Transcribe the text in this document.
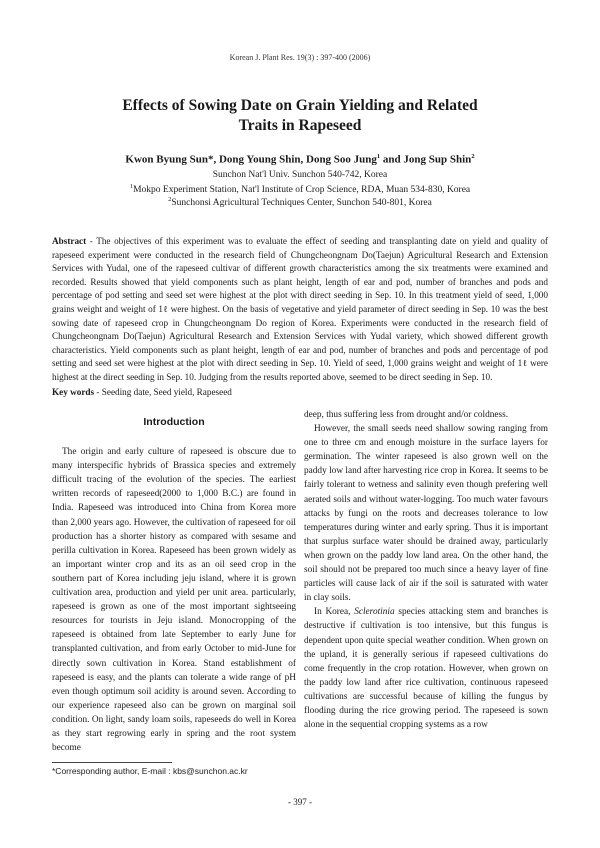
Korean J. Plant Res. 19(3) : 397-400 (2006)
Effects of Sowing Date on Grain Yielding and Related
Traits in Rapeseed
Kwon Byung Sun*, Dong Young Shin, Dong Soo Jung$^1$ and Jong Sup Shin$^2$
Sunchon Nat'l Univ. Sunchon 540-742, Korea
$^1$Mokpo Experiment Station, Nat'l Institute of Crop Science, RDA, Muan 534-830, Korea
$^2$Sunchonsi Agricultural Techniques Center, Sunchon 540-801, Korea

Abstract - The objectives of this experiment was to evaluate the effect of seeding and transplanting date on yield and quality of rapeseed experiment were conducted in the research field of Chungcheongnam Do(Taejun) Agricultural Research and Extension Services with Yudal, one of the rapeseed cultivar of different growth characteristics among the six treatments were examined and recorded. Results showed that yield components such as plant height, length of ear and pod, number of branches and pods and percentage of pod setting and seed set were highest at the plot with direct seeding in Sep. 10. In this treatment yield of seed, 1,000 grains weight and weight of 1ℓ were highest. On the basis of vegetative and yield parameter of direct seeding in Sep. 10 was the best sowing date of rapeseed crop in Chungcheongnam Do region of Korea. Experiments were conducted in the research field of Chungcheongnam Do(Taejun) Agricultural Research and Extension Services with Yudal variety, which showed different growth characteristics. Yield components such as plant height, length of ear and pod, number of branches and pods and percentage of pod setting and seed set were highest at the plot with direct seeding in Sep. 10. Yield of seed, 1,000 grains weight and weight of 1ℓ were highest at the direct seeding in Sep. 10. Judging from the results reported above, seemed to be direct seeding in Sep. 10.

Key words - Seeding date, Seed yield, Rapeseed
Introduction

The origin and early culture of rapeseed is obscure due to many interspecific hybrids of Brassica species and extremely difficult tracing of the evolution of the species. The earliest written records of rapeseed(2000 to 1,000 B.C.) are found in India. Rapeseed was introduced into China from Korea more than 2,000 years ago. However, the cultivation of rapeseed for oil production has a shorter history as compared with sesame and perilla cultivation in Korea. Rapeseed has been grown widely as an important winter crop and its as an oil seed crop in the southern part of Korea including jeju island, where it is grown cultivation area, production and yield per unit area. particularly, rapeseed is grown as one of the most important sightseeing resources for tourists in Jeju island. Monocropping of the rapeseed is obtained from late September to early June for transplanted cultivation, and from early October to mid-June for directly sown cultivation in Korea. Stand establishment of rapeseed is easy, and the plants can tolerate a wide range of pH even though optimum soil acidity is around seven. According to our experience rapeseed also can be grown on marginal soil condition. On light, sandy loam soils, rapeseeds do well in Korea as they start regrowing early in spring and the root system become

deep, thus suffering less from drought and/or coldness.

However, the small seeds need shallow sowing ranging from one to three cm and enough moisture in the surface layers for germination. The winter rapeseed is also grown well on the paddy low land after harvesting rice crop in Korea. It seems to be fairly tolerant to wetness and salinity even though prefering well aerated soils and without water-logging. Too much water favours attacks by fungi on the roots and decreases tolerance to low temperatures during winter and early spring. Thus it is important that surplus surface water should be drained away, particularly when grown on the paddy low land area. On the other hand, the soil should not be prepared too much since a heavy layer of fine particles will cause lack of air if the soil is saturated with water in clay soils.

In Korea, Sclerotinia species attacking stem and branches is destructive if cultivation is too intensive, but this fungus is dependent upon quite special weather condition. When grown on the upland, it is generally serious if rapeseed cultivations do come frequently in the crop rotation. However, when grown on the paddy low land after rice cultivation, continuous rapeseed cultivations are successful because of killing the fungus by flooding during the rice growing period. The rapeseed is sown alone in the sequential cropping systems as a row

*Corresponding author, E-mail : kbs@sunchon.ac.kr
- 397 -
